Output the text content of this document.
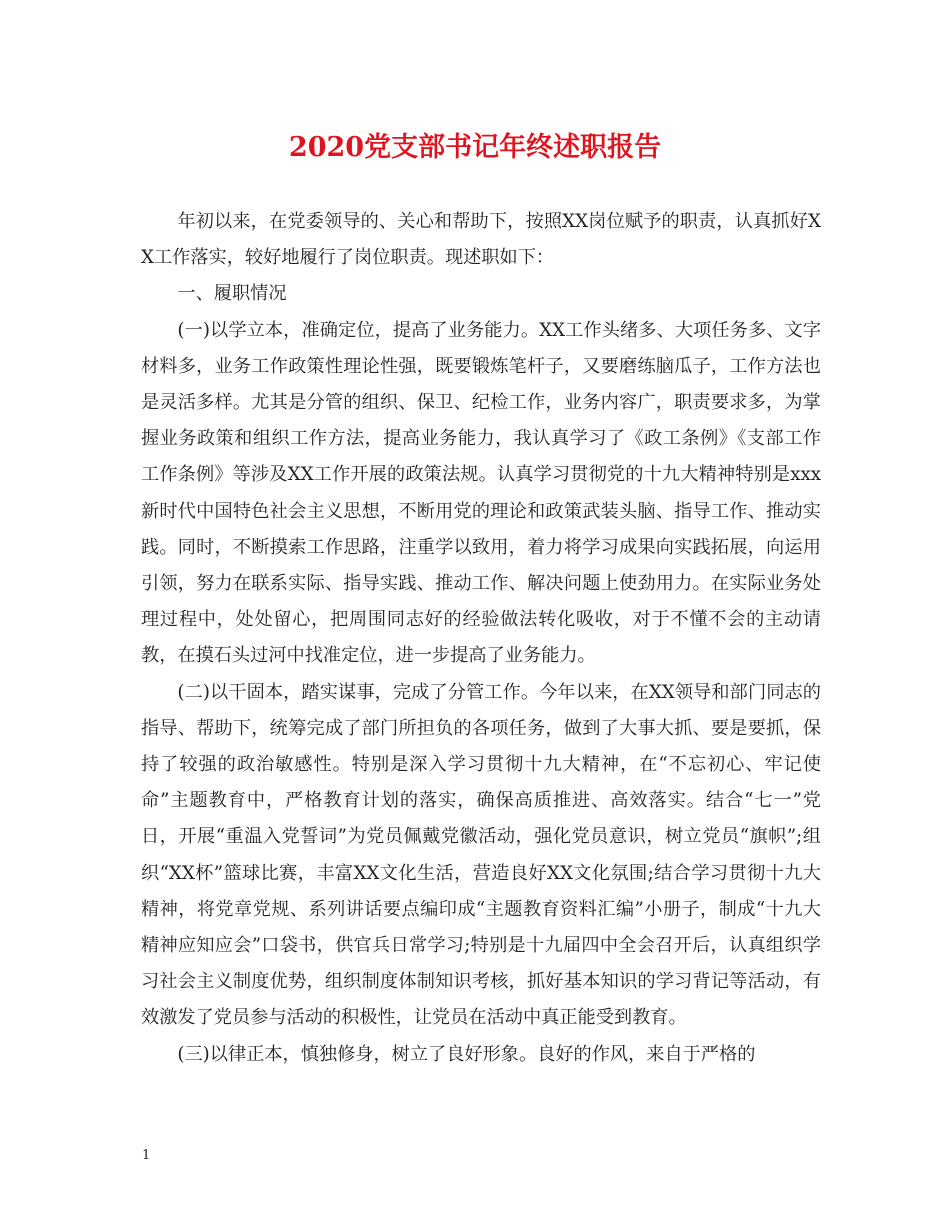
2020党支部书记年终述职报告

年初以来，在党委领导的、关心和帮助下，按照XX岗位赋予的职责，认真抓好XX工作落实，较好地履行了岗位职责。现述职如下：

一、履职情况

(一)以学立本，准确定位，提高了业务能力。XX工作头绪多、大项任务多、文字材料多，业务工作政策性理论性强，既要锻炼笔杆子，又要磨练脑瓜子，工作方法也是灵活多样。尤其是分管的组织、保卫、纪检工作，业务内容广，职责要求多，为掌握业务政策和组织工作方法，提高业务能力，我认真学习了《政工条例》《支部工作工作条例》等涉及XX工作开展的政策法规。认真学习贯彻党的十九大精神特别是xxx新时代中国特色社会主义思想，不断用党的理论和政策武装头脑、指导工作、推动实践。同时，不断摸索工作思路，注重学以致用，着力将学习成果向实践拓展，向运用引领，努力在联系实际、指导实践、推动工作、解决问题上使劲用力。在实际业务处理过程中，处处留心，把周围同志好的经验做法转化吸收，对于不懂不会的主动请教，在摸石头过河中找准定位，进一步提高了业务能力。

(二)以干固本，踏实谋事，完成了分管工作。今年以来，在XX领导和部门同志的指导、帮助下，统筹完成了部门所担负的各项任务，做到了大事大抓、要是要抓，保持了较强的政治敏感性。特别是深入学习贯彻十九大精神，在“不忘初心、牢记使命”主题教育中，严格教育计划的落实，确保高质推进、高效落实。结合“七一”党日，开展“重温入党誓词”为党员佩戴党徽活动，强化党员意识，树立党员“旗帜”;组织“XX杯”篮球比赛，丰富XX文化生活，营造良好XX文化氛围;结合学习贯彻十九大精神，将党章党规、系列讲话要点编印成“主题教育资料汇编”小册子，制成“十九大精神应知应会”口袋书，供官兵日常学习;特别是十九届四中全会召开后，认真组织学习社会主义制度优势，组织制度体制知识考核，抓好基本知识的学习背记等活动，有效激发了党员参与活动的积极性，让党员在活动中真正能受到教育。

(三)以律正本，慎独修身，树立了良好形象。良好的作风，来自于严格的

1
